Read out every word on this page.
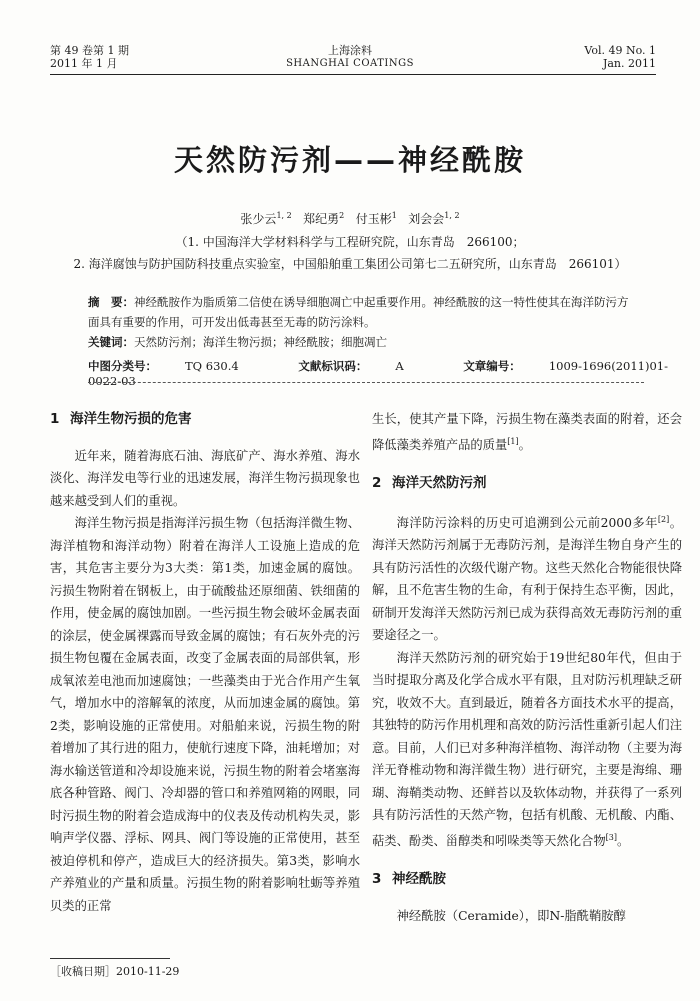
第 49 卷第 1 期
2011 年 1 月
上海涂料
SHANGHAI COATINGS
Vol. 49 No. 1
Jan. 2011
天然防污剂——神经酰胺
张少云$^{1, 2}$ 郑纪勇$^2$ 付玉彬$^1$ 刘会会$^{1, 2}$
（1. 中国海洋大学材料科学与工程研究院，山东青岛　266100；
2. 海洋腐蚀与防护国防科技重点实验室，中国船舶重工集团公司第七二五研究所，山东青岛　266101）
摘　要：神经酰胺作为脂质第二信使在诱导细胞凋亡中起重要作用。神经酰胺的这一特性使其在海洋防污方面具有重要的作用，可开发出低毒甚至无毒的防污涂料。
关键词：天然防污剂；海洋生物污损；神经酰胺；细胞凋亡
中图分类号： TQ 630.4	文献标识码： A	文章编号： 1009-1696(2011)01-0022-03
1 海洋生物污损的危害

近年来，随着海底石油、海底矿产、海水养殖、海水淡化、海洋发电等行业的迅速发展，海洋生物污损现象也越来越受到人们的重视。

海洋生物污损是指海洋污损生物（包括海洋微生物、海洋植物和海洋动物）附着在海洋人工设施上造成的危害，其危害主要分为3大类：第1类，加速金属的腐蚀。污损生物附着在钢板上，由于硫酸盐还原细菌、铁细菌的作用，使金属的腐蚀加剧。一些污损生物会破坏金属表面的涂层，使金属裸露而导致金属的腐蚀；有石灰外壳的污损生物包覆在金属表面，改变了金属表面的局部供氧，形成氧浓差电池而加速腐蚀；一些藻类由于光合作用产生氧气，增加水中的溶解氧的浓度，从而加速金属的腐蚀。第2类，影响设施的正常使用。对船舶来说，污损生物的附着增加了其行进的阻力，使航行速度下降，油耗增加；对海水输送管道和冷却设施来说，污损生物的附着会堵塞海底各种管路、阀门、冷却器的管口和养殖网箱的网眼，同时污损生物的附着会造成海中的仪表及传动机构失灵，影响声学仪器、浮标、网具、阀门等设施的正常使用，甚至被迫停机和停产，造成巨大的经济损失。第3类，影响水产养殖业的产量和质量。污损生物的附着影响牡蛎等养殖贝类的正常

生长，使其产量下降，污损生物在藻类表面的附着，还会降低藻类养殖产品的质量[1]。

2 海洋天然防污剂

海洋防污涂料的历史可追溯到公元前2000多年[2]。海洋天然防污剂属于无毒防污剂，是海洋生物自身产生的具有防污活性的次级代谢产物。这些天然化合物能很快降解，且不危害生物的生命，有利于保持生态平衡，因此，研制开发海洋天然防污剂已成为获得高效无毒防污剂的重要途径之一。

海洋天然防污剂的研究始于19世纪80年代，但由于当时提取分离及化学合成水平有限，且对防污机理缺乏研究，收效不大。直到最近，随着各方面技术水平的提高，其独特的防污作用机理和高效的防污活性重新引起人们注意。目前，人们已对多种海洋植物、海洋动物（主要为海洋无脊椎动物和海洋微生物）进行研究，主要是海绵、珊瑚、海鞘类动物、还鲜苔以及软体动物，并获得了一系列具有防污活性的天然产物，包括有机酸、无机酸、内酯、萜类、酚类、甾醇类和吲哚类等天然化合物[3]。

3 神经酰胺

神经酰胺（Ceramide），即N-脂酰鞘胺醇

［收稿日期］2010-11-29
